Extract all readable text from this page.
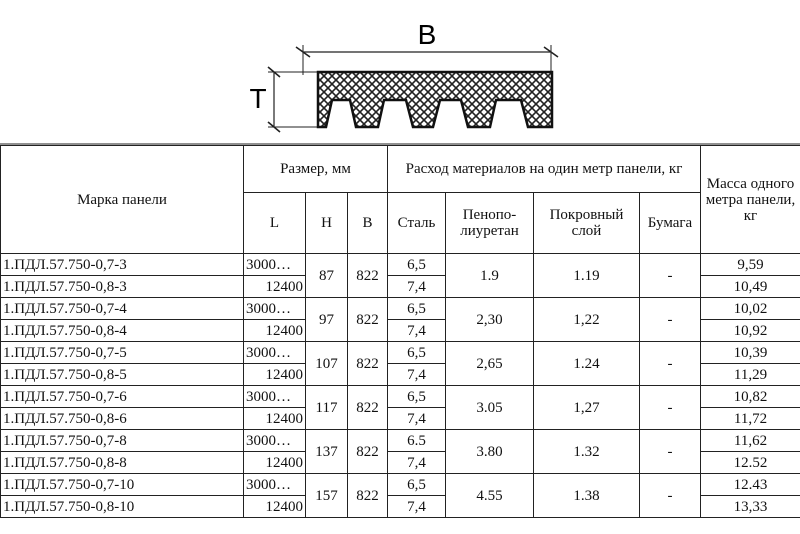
B
T
Марка панели	Размер, мм			Расход материалов на один метр панели, кг				Масса одного метра панели, кг
	L	Н	В	Сталь	Пенопо-лиуретан	Покровный слой	Бумага	
1.ПДЛ.57.750-0,7-3	3000…	87	822	6,5	1.9	1.19	-	9,59
1.ПДЛ.57.750-0,8-3	12400			7,4				10,49
1.ПДЛ.57.750-0,7-4	3000…	97	822	6,5	2,30	1,22	-	10,02
1.ПДЛ.57.750-0,8-4	12400			7,4				10,92
1.ПДЛ.57.750-0,7-5	3000…	107	822	6,5	2,65	1.24	-	10,39
1.ПДЛ.57.750-0,8-5	12400			7,4				11,29
1.ПДЛ.57.750-0,7-6	3000…	117	822	6,5	3.05	1,27	-	10,82
1.ПДЛ.57.750-0,8-6	12400			7,4				11,72
1.ПДЛ.57.750-0,7-8	3000…	137	822	6.5	3.80	1.32	-	11,62
1.ПДЛ.57.750-0,8-8	12400			7,4				12.52
1.ПДЛ.57.750-0,7-10	3000…	157	822	6,5	4.55	1.38	-	12.43
1.ПДЛ.57.750-0,8-10	12400			7,4				13,33
